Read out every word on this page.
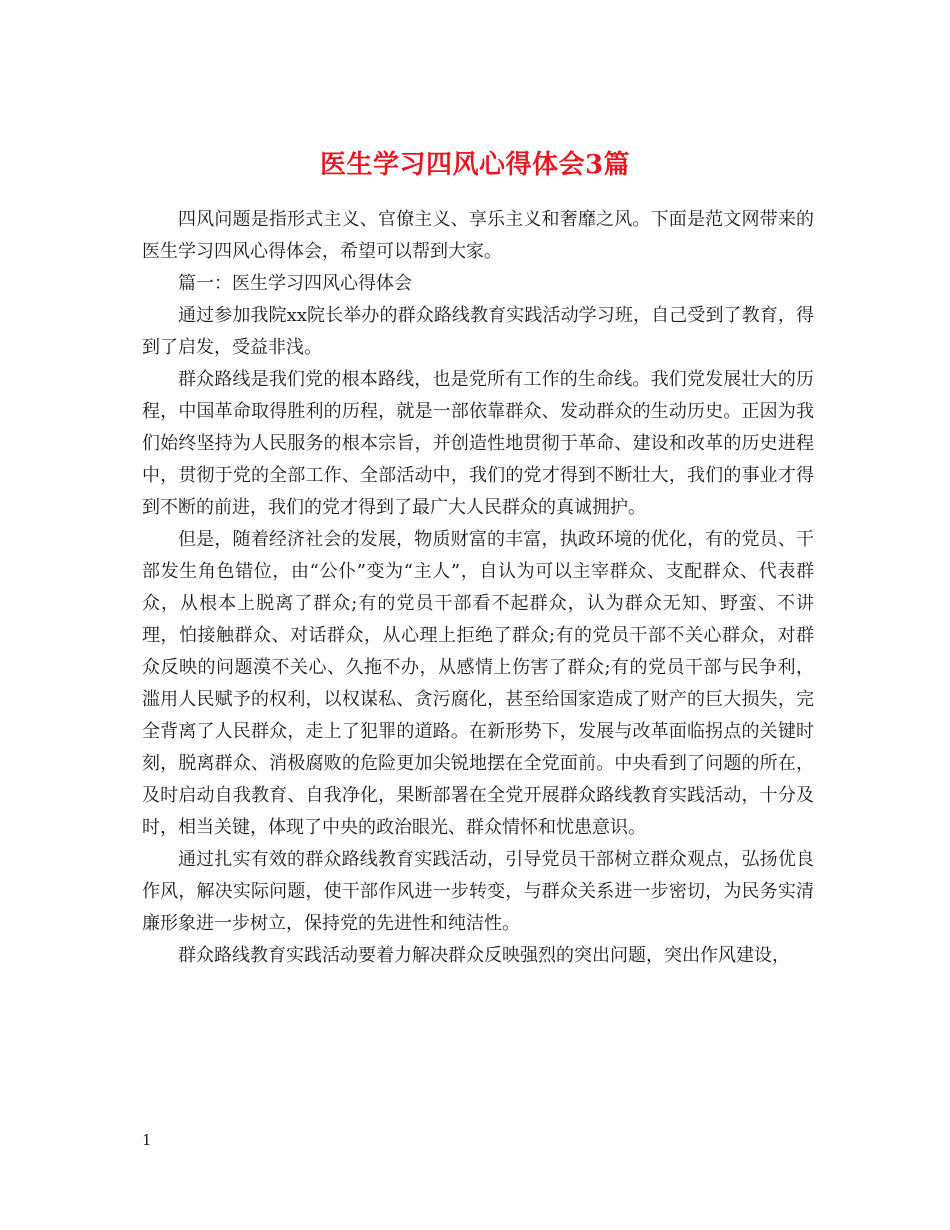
医生学习四风心得体会3篇

四风问题是指形式主义、官僚主义、享乐主义和奢靡之风。下面是范文网带来的医生学习四风心得体会，希望可以帮到大家。

篇一：医生学习四风心得体会

通过参加我院xx院长举办的群众路线教育实践活动学习班，自己受到了教育，得到了启发，受益非浅。

群众路线是我们党的根本路线，也是党所有工作的生命线。我们党发展壮大的历程，中国革命取得胜利的历程，就是一部依靠群众、发动群众的生动历史。正因为我们始终坚持为人民服务的根本宗旨，并创造性地贯彻于革命、建设和改革的历史进程中，贯彻于党的全部工作、全部活动中，我们的党才得到不断壮大，我们的事业才得到不断的前进，我们的党才得到了最广大人民群众的真诚拥护。

但是，随着经济社会的发展，物质财富的丰富，执政环境的优化，有的党员、干部发生角色错位，由“公仆”变为“主人”，自认为可以主宰群众、支配群众、代表群众，从根本上脱离了群众;有的党员干部看不起群众，认为群众无知、野蛮、不讲理，怕接触群众、对话群众，从心理上拒绝了群众;有的党员干部不关心群众，对群众反映的问题漠不关心、久拖不办，从感情上伤害了群众;有的党员干部与民争利，滥用人民赋予的权利，以权谋私、贪污腐化，甚至给国家造成了财产的巨大损失，完全背离了人民群众，走上了犯罪的道路。在新形势下，发展与改革面临拐点的关键时刻，脱离群众、消极腐败的危险更加尖锐地摆在全党面前。中央看到了问题的所在，及时启动自我教育、自我净化，果断部署在全党开展群众路线教育实践活动，十分及时，相当关键，体现了中央的政治眼光、群众情怀和忧患意识。

通过扎实有效的群众路线教育实践活动，引导党员干部树立群众观点，弘扬优良作风，解决实际问题，使干部作风进一步转变，与群众关系进一步密切，为民务实清廉形象进一步树立，保持党的先进性和纯洁性。

群众路线教育实践活动要着力解决群众反映强烈的突出问题，突出作风建设，

1
